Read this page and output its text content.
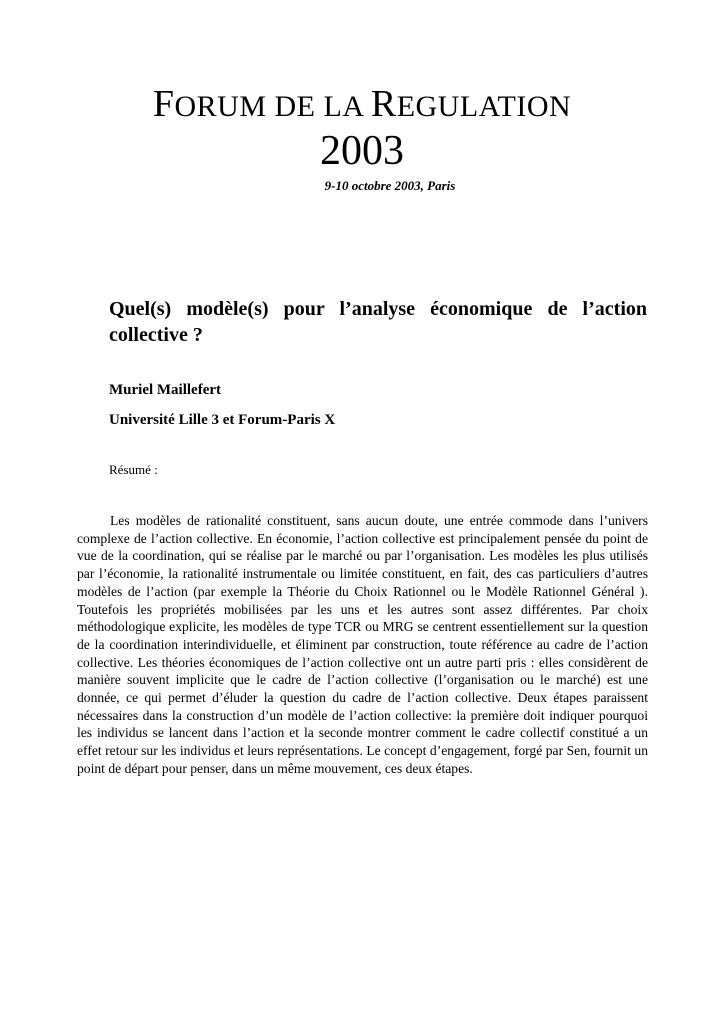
FORUM DE LA REGULATION
2003
9-10 octobre 2003, Paris
Quel(s) modèle(s) pour l’analyse économique de l’action collective ?
Muriel Maillefert
Université Lille 3 et Forum-Paris X
Résumé :

Les modèles de rationalité constituent, sans aucun doute, une entrée commode dans l’univers complexe de l’action collective. En économie, l’action collective est principalement pensée du point de vue de la coordination, qui se réalise par le marché ou par l’organisation. Les modèles les plus utilisés par l’économie, la rationalité instrumentale ou limitée constituent, en fait, des cas particuliers d’autres modèles de l’action (par exemple la Théorie du Choix Rationnel ou le Modèle Rationnel Général ). Toutefois les propriétés mobilisées par les uns et les autres sont assez différentes. Par choix méthodologique explicite, les modèles de type TCR ou MRG se centrent essentiellement sur la question de la coordination interindividuelle, et éliminent par construction, toute référence au cadre de l’action collective. Les théories économiques de l’action collective ont un autre parti pris : elles considèrent de manière souvent implicite que le cadre de l’action collective (l’organisation ou le marché) est une donnée, ce qui permet d’éluder la question du cadre de l’action collective. Deux étapes paraissent nécessaires dans la construction d’un modèle de l’action collective: la première doit indiquer pourquoi les individus se lancent dans l’action et la seconde montrer comment le cadre collectif constitué a un effet retour sur les individus et leurs représentations. Le concept d’engagement, forgé par Sen, fournit un point de départ pour penser, dans un même mouvement, ces deux étapes.
